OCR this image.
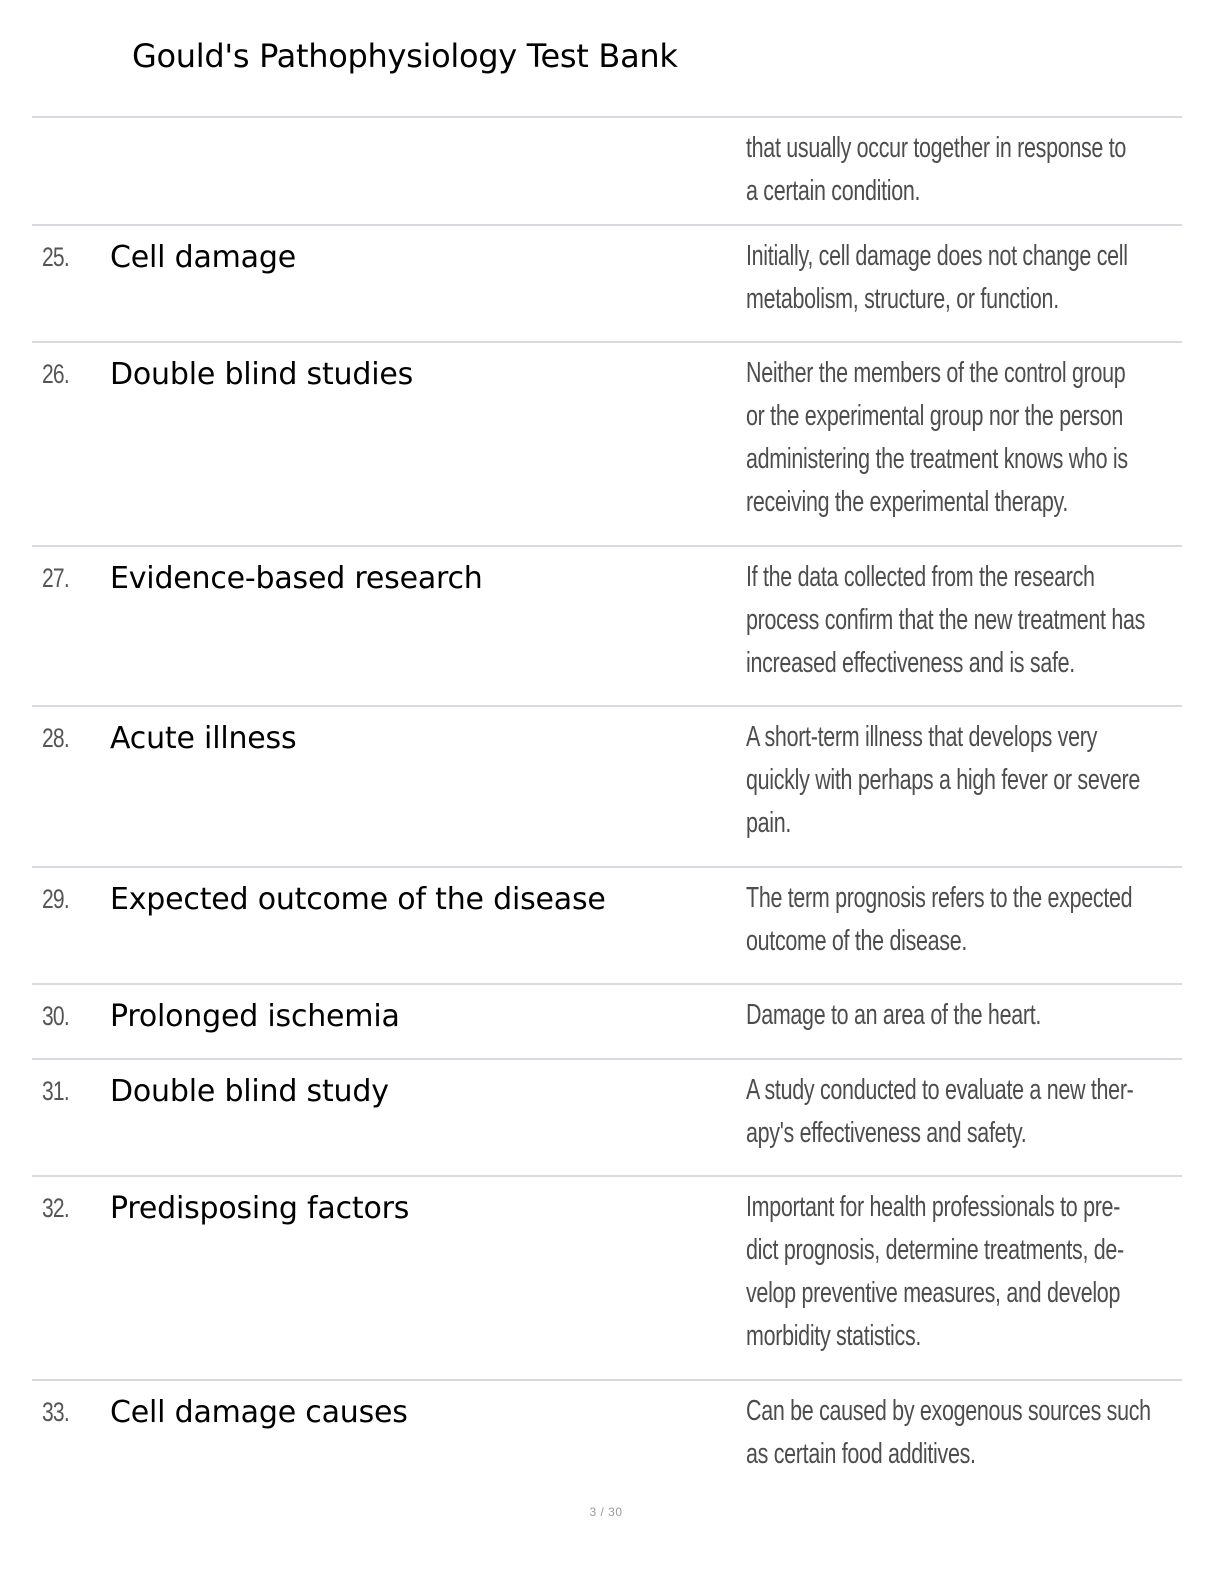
Gould's Pathophysiology Test Bank
that usually occur together in response to
a certain condition.
25. Cell damage	Initially, cell damage does not change cell
metabolism, structure, or function.
26. Double blind studies	Neither the members of the control group
or the experimental group nor the person
administering the treatment knows who is
receiving the experimental therapy.
27. Evidence-based research	If the data collected from the research
process confirm that the new treatment has
increased effectiveness and is safe.
28. Acute illness	A short-term illness that develops very
quickly with perhaps a high fever or severe
pain.
29. Expected outcome of the disease	The term prognosis refers to the expected
outcome of the disease.
30. Prolonged ischemia	Damage to an area of the heart.
31. Double blind study	A study conducted to evaluate a new ther-
apy's effectiveness and safety.
32. Predisposing factors	Important for health professionals to pre-
dict prognosis, determine treatments, de-
velop preventive measures, and develop
morbidity statistics.
33. Cell damage causes	Can be caused by exogenous sources such
as certain food additives.
3 / 30
